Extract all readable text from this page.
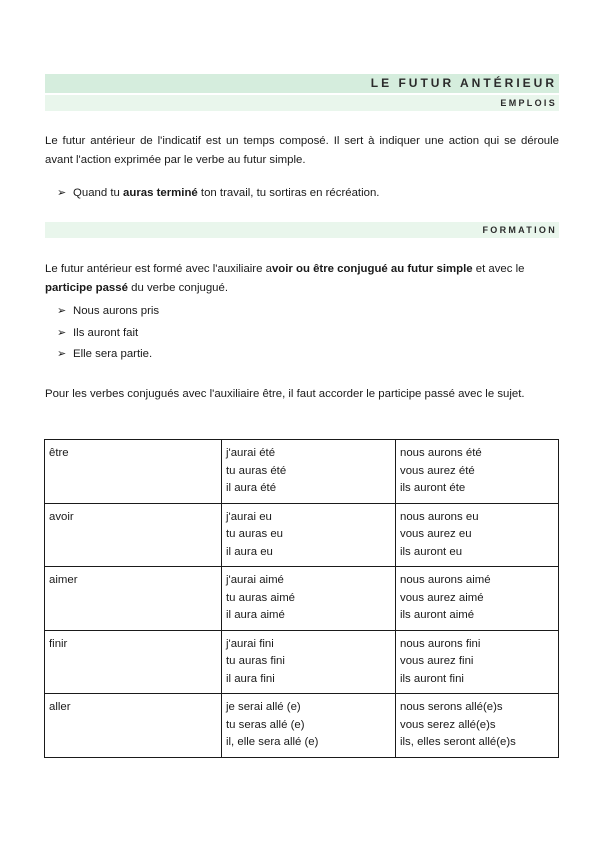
LE FUTUR ANTÉRIEUR
EMPLOIS

Le futur antérieur de l'indicatif est un temps composé. Il sert à indiquer une action qui se déroule avant l'action exprimée par le verbe au futur simple.

➢ Quand tu auras terminé ton travail, tu sortiras en récréation.

FORMATION

Le futur antérieur est formé avec l'auxiliaire avoir ou être conjugué au futur simple et avec le participe passé du verbe conjugué.

➢ Nous aurons pris

➢ Ils auront fait

➢ Elle sera partie.

Pour les verbes conjugués avec l'auxiliaire être, il faut accorder le participe passé avec le sujet.

être	j'aurai été
tu auras été
il aura été	nous aurons été
vous aurez été
ils auront éte

avoir	j'aurai eu
tu auras eu
il aura eu	nous aurons eu
vous aurez eu
ils auront eu

aimer	j'aurai aimé
tu auras aimé
il aura aimé	nous aurons aimé
vous aurez aimé
ils auront aimé

finir	j'aurai fini
tu auras fini
il aura fini	nous aurons fini
vous aurez fini
ils auront fini

aller	je serai allé (e)
tu seras allé (e)
il, elle sera allé (e)	nous serons allé(e)s
vous serez allé(e)s
ils, elles seront allé(e)s
